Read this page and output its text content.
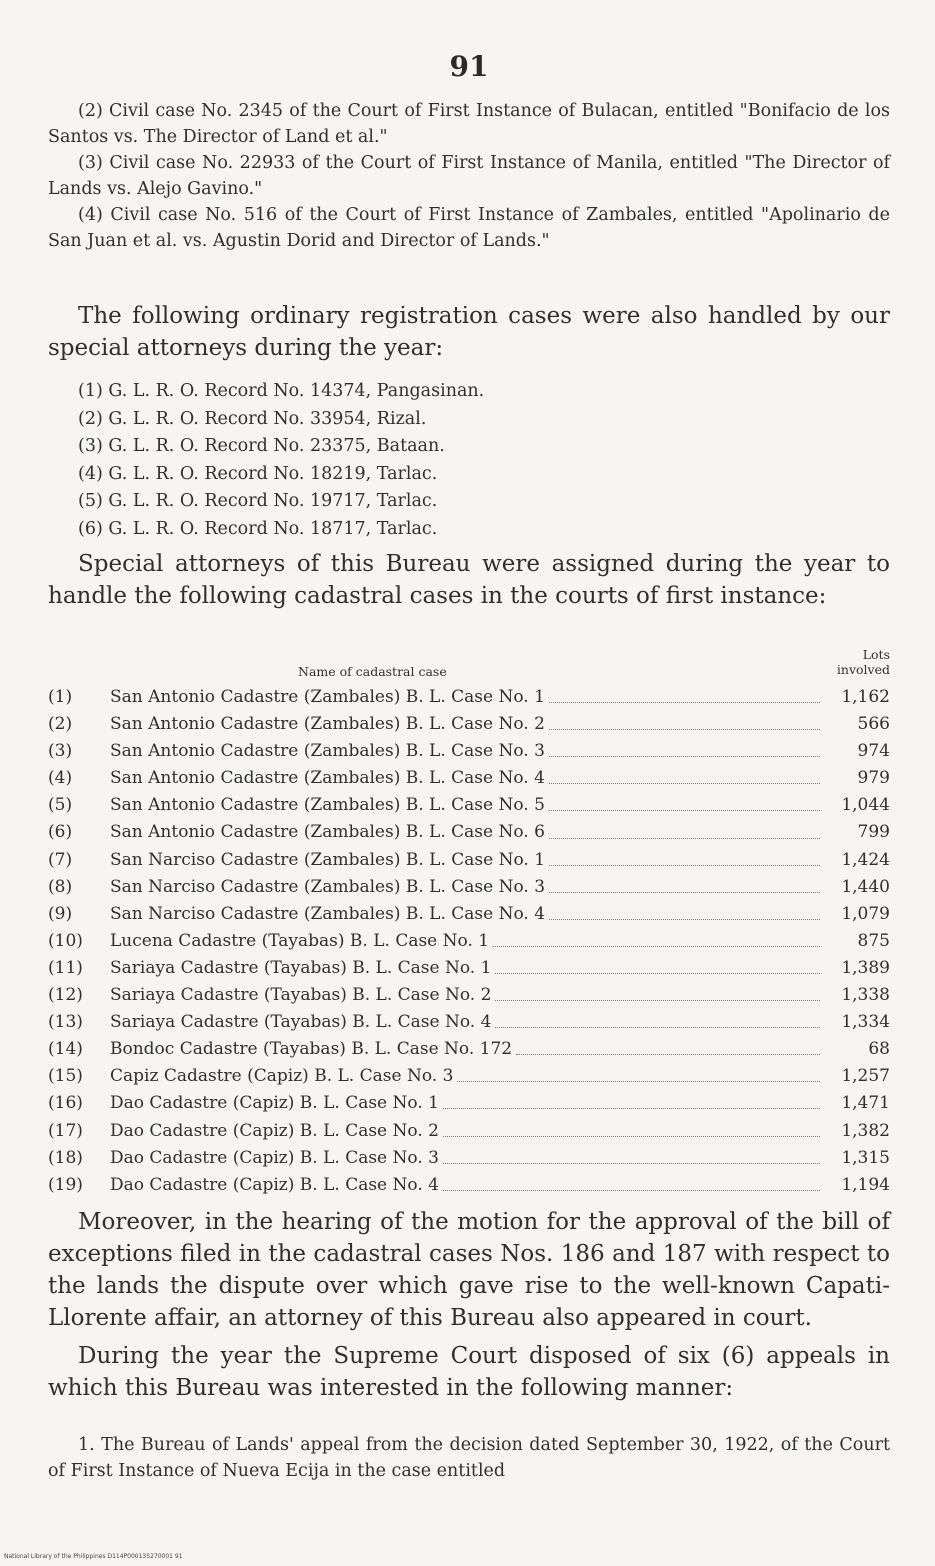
91

(2) Civil case No. 2345 of the Court of First Instance of Bulacan, entitled "Bonifacio de los Santos vs. The Director of Land et al."

(3) Civil case No. 22933 of the Court of First Instance of Manila, entitled "The Director of Lands vs. Alejo Gavino."

(4) Civil case No. 516 of the Court of First Instance of Zambales, entitled "Apolinario de San Juan et al. vs. Agustin Dorid and Director of Lands."

The following ordinary registration cases were also handled by our special attorneys during the year:

(1) G. L. R. O. Record No. 14374, Pangasinan.
(2) G. L. R. O. Record No. 33954, Rizal.
(3) G. L. R. O. Record No. 23375, Bataan.
(4) G. L. R. O. Record No. 18219, Tarlac.
(5) G. L. R. O. Record No. 19717, Tarlac.
(6) G. L. R. O. Record No. 18717, Tarlac.

Special attorneys of this Bureau were assigned during the year to handle the following cadastral cases in the courts of first instance:

Name of cadastral case
Lots
involved
(1)	San Antonio Cadastre (Zambales) B. L. Case No. 1	1,162
(2)	San Antonio Cadastre (Zambales) B. L. Case No. 2	566
(3)	San Antonio Cadastre (Zambales) B. L. Case No. 3	974
(4)	San Antonio Cadastre (Zambales) B. L. Case No. 4	979
(5)	San Antonio Cadastre (Zambales) B. L. Case No. 5	1,044
(6)	San Antonio Cadastre (Zambales) B. L. Case No. 6	799
(7)	San Narciso Cadastre (Zambales) B. L. Case No. 1	1,424
(8)	San Narciso Cadastre (Zambales) B. L. Case No. 3	1,440
(9)	San Narciso Cadastre (Zambales) B. L. Case No. 4	1,079
(10)	Lucena Cadastre (Tayabas) B. L. Case No. 1	875
(11)	Sariaya Cadastre (Tayabas) B. L. Case No. 1	1,389
(12)	Sariaya Cadastre (Tayabas) B. L. Case No. 2	1,338
(13)	Sariaya Cadastre (Tayabas) B. L. Case No. 4	1,334
(14)	Bondoc Cadastre (Tayabas) B. L. Case No. 172	68
(15)	Capiz Cadastre (Capiz) B. L. Case No. 3	1,257
(16)	Dao Cadastre (Capiz) B. L. Case No. 1	1,471
(17)	Dao Cadastre (Capiz) B. L. Case No. 2	1,382
(18)	Dao Cadastre (Capiz) B. L. Case No. 3	1,315
(19)	Dao Cadastre (Capiz) B. L. Case No. 4	1,194

Moreover, in the hearing of the motion for the approval of the bill of exceptions filed in the cadastral cases Nos. 186 and 187 with respect to the lands the dispute over which gave rise to the well-known Capati-Llorente affair, an attorney of this Bureau also appeared in court.

During the year the Supreme Court disposed of six (6) appeals in which this Bureau was interested in the following manner:

1. The Bureau of Lands' appeal from the decision dated September 30, 1922, of the Court of First Instance of Nueva Ecija in the case entitled

National Library of the Philippines D114P000135270001 91
